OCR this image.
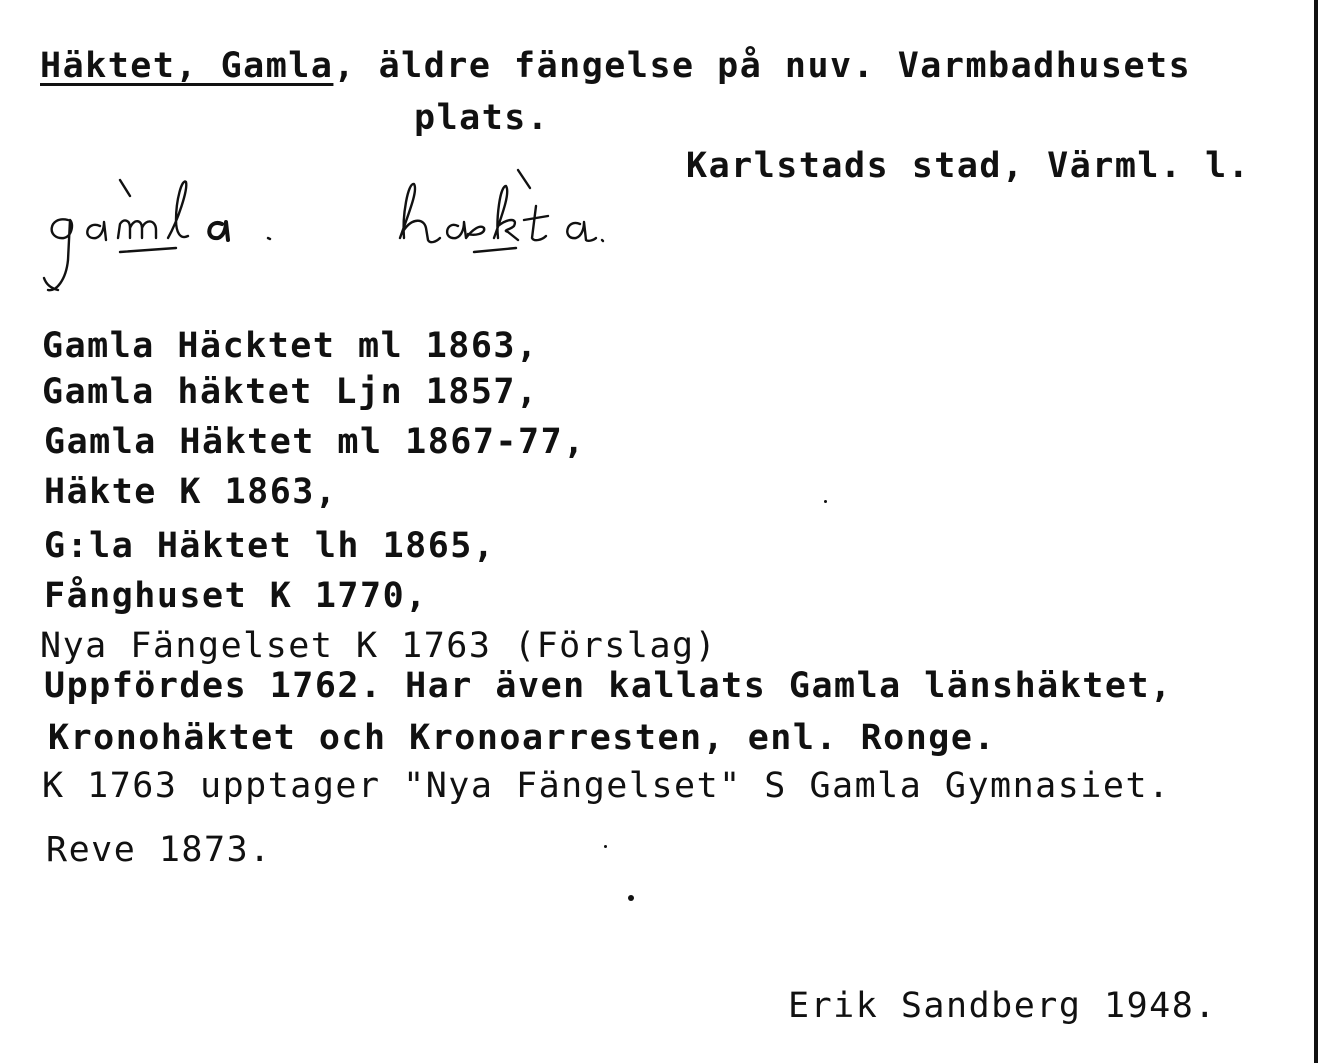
Häktet, Gamla, äldre fängelse på nuv. Varmbadhusets
plats.
Karlstads stad, Värml. l.
Gamla Häcktet ml 1863,
Gamla häktet Ljn 1857,
Gamla Häktet ml 1867-77,
Häkte K 1863,
G:la Häktet lh 1865,
Fånghuset K 1770,
Nya Fängelset K 1763 (Förslag)
Uppfördes 1762. Har även kallats Gamla länshäktet,
Kronohäktet och Kronoarresten, enl. Ronge.
K 1763 upptager "Nya Fängelset" S Gamla Gymnasiet.
Reve 1873.
Erik Sandberg 1948.
